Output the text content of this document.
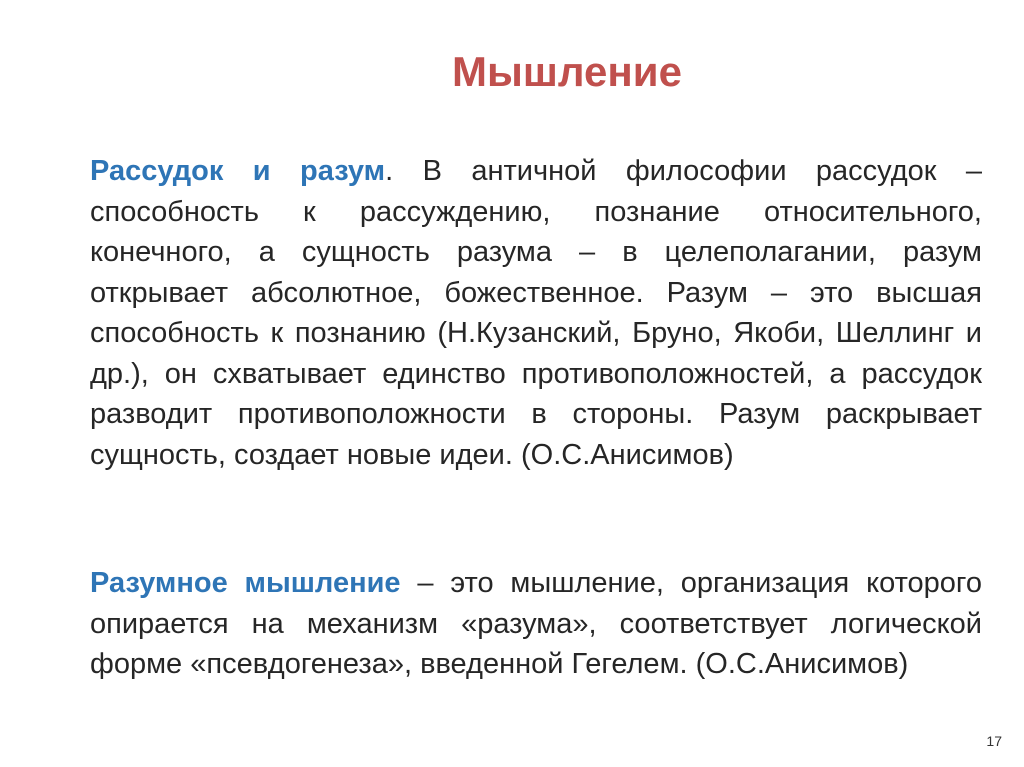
Мышление

Рассудок и разум. В античной философии рассудок – способность к рассуждению, познание относительного, конечного, а сущность разума – в целеполагании, разум открывает абсолютное, божественное. Разум – это высшая способность к познанию (Н.Кузанский, Бруно, Якоби, Шеллинг и др.), он схватывает единство противоположностей, а рассудок разводит противоположности в стороны. Разум раскрывает сущность, создает новые идеи. (О.С.Анисимов)

Разумное мышление – это мышление, организация которого опирается на механизм «разума», соответствует логической форме «псевдогенеза», введенной Гегелем. (О.С.Анисимов)

17
